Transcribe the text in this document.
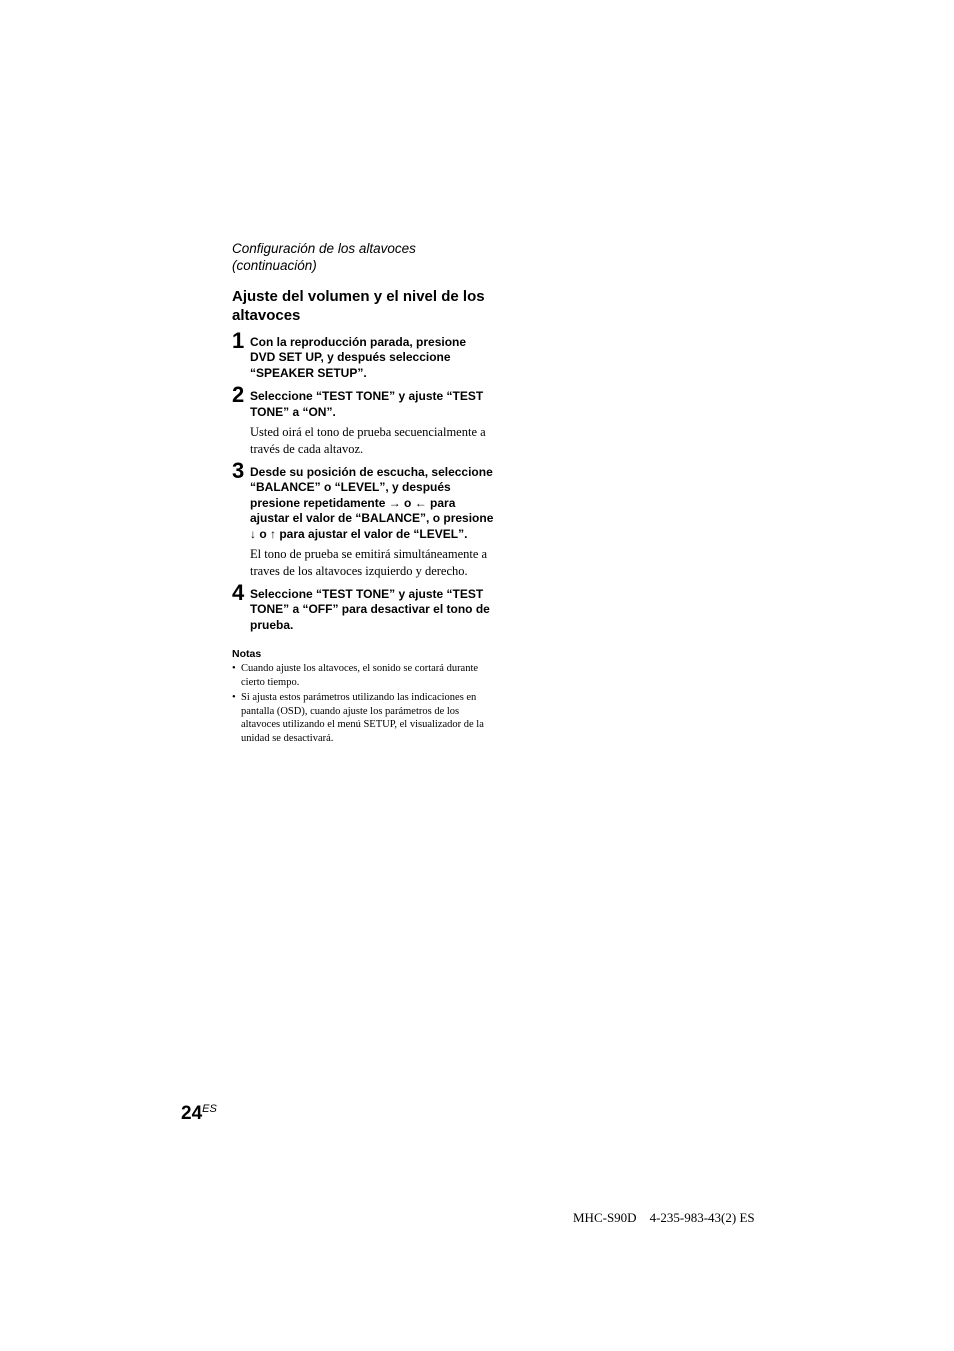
Configuración de los altavoces (continuación)
Ajuste del volumen y el nivel de los altavoces
1 Con la reproducción parada, presione DVD SET UP, y después seleccione “SPEAKER SETUP”.
2 Seleccione “TEST TONE” y ajuste “TEST TONE” a “ON”.
Usted oirá el tono de prueba secuencialmente a través de cada altavoz.
3 Desde su posición de escucha, seleccione “BALANCE” o “LEVEL”, y después presione repetidamente → o ← para ajustar el valor de “BALANCE”, o presione ↓ o ↑ para ajustar el valor de “LEVEL”.
El tono de prueba se emitirá simultáneamente a traves de los altavoces izquierdo y derecho.
4 Seleccione “TEST TONE” y ajuste “TEST TONE” a “OFF” para desactivar el tono de prueba.
Notas
• Cuando ajuste los altavoces, el sonido se cortará durante cierto tiempo.
• Si ajusta estos parámetros utilizando las indicaciones en pantalla (OSD), cuando ajuste los parámetros de los altavoces utilizando el menú SETUP, el visualizador de la unidad se desactivará.
$24^{ES}$
MHC-S90D    4-235-983-43(2) ES
